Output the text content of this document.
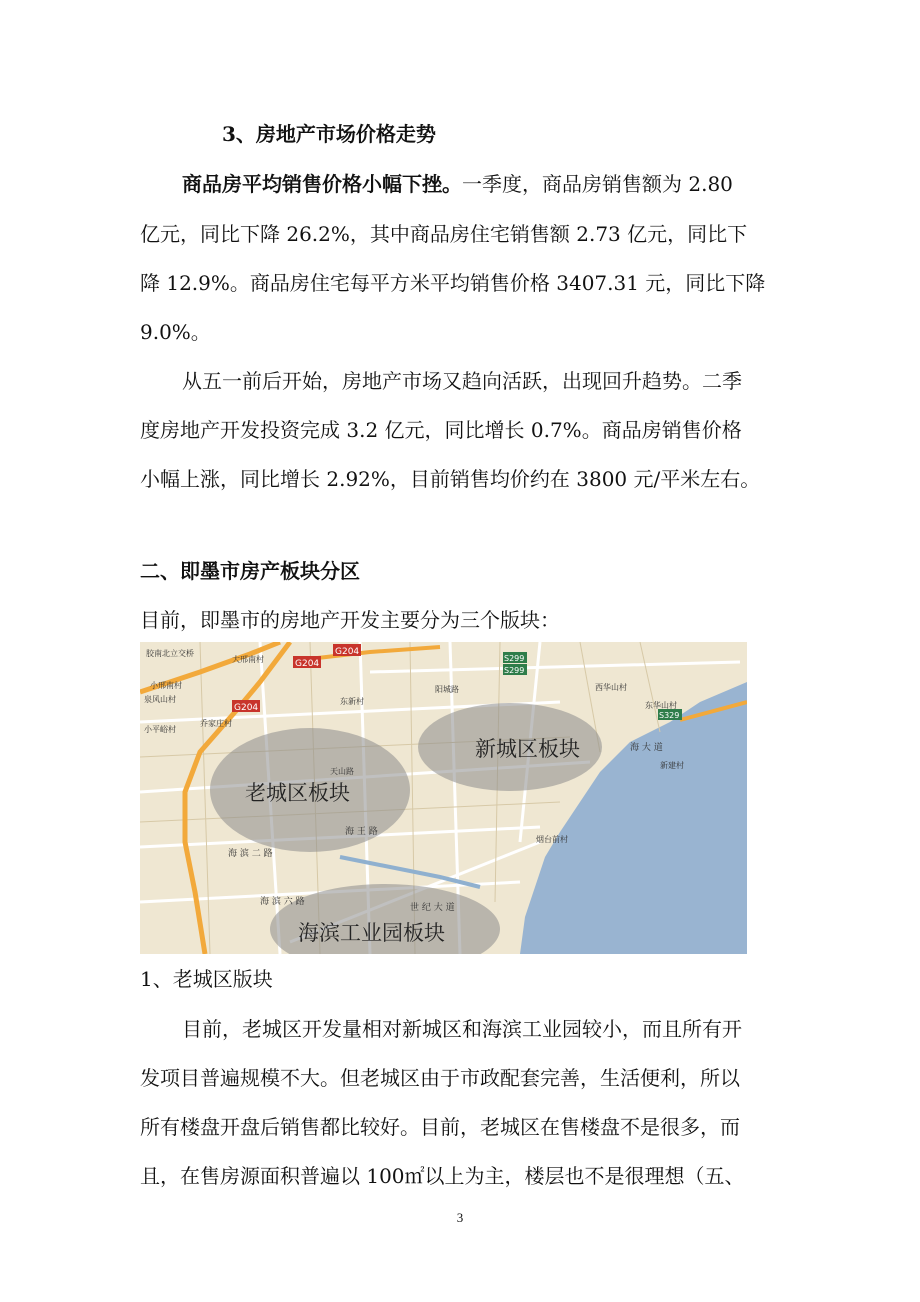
3、房地产市场价格走势
商品房平均销售价格小幅下挫。一季度，商品房销售额为 2.80
亿元，同比下降 26.2%，其中商品房住宅销售额 2.73 亿元，同比下
降 12.9%。商品房住宅每平方米平均销售价格 3407.31 元，同比下降
9.0%。
从五一前后开始，房地产市场又趋向活跃，出现回升趋势。二季
度房地产开发投资完成 3.2 亿元，同比增长 0.7%。商品房销售价格
小幅上涨，同比增长 2.92%，目前销售均价约在 3800 元/平米左右。
二、即墨市房产板块分区
目前，即墨市的房地产开发主要分为三个版块：
G204
G204
G204
S299
S299
S329
胶南北立交桥
大邢南村
小邢南村
泉风山村
小平峪村
乔家庄村
西华山村
东华山村
新建村
海 大 道
东新村
阳城路
天山路
海 滨 二 路
海 滨 六 路
世 纪 大 道
海 王 路
烟台前村
老城区板块
新城区板块
海滨工业园板块
1、老城区版块
目前，老城区开发量相对新城区和海滨工业园较小，而且所有开
发项目普遍规模不大。但老城区由于市政配套完善，生活便利，所以
所有楼盘开盘后销售都比较好。目前，老城区在售楼盘不是很多，而
且，在售房源面积普遍以 100㎡以上为主，楼层也不是很理想（五、
3
